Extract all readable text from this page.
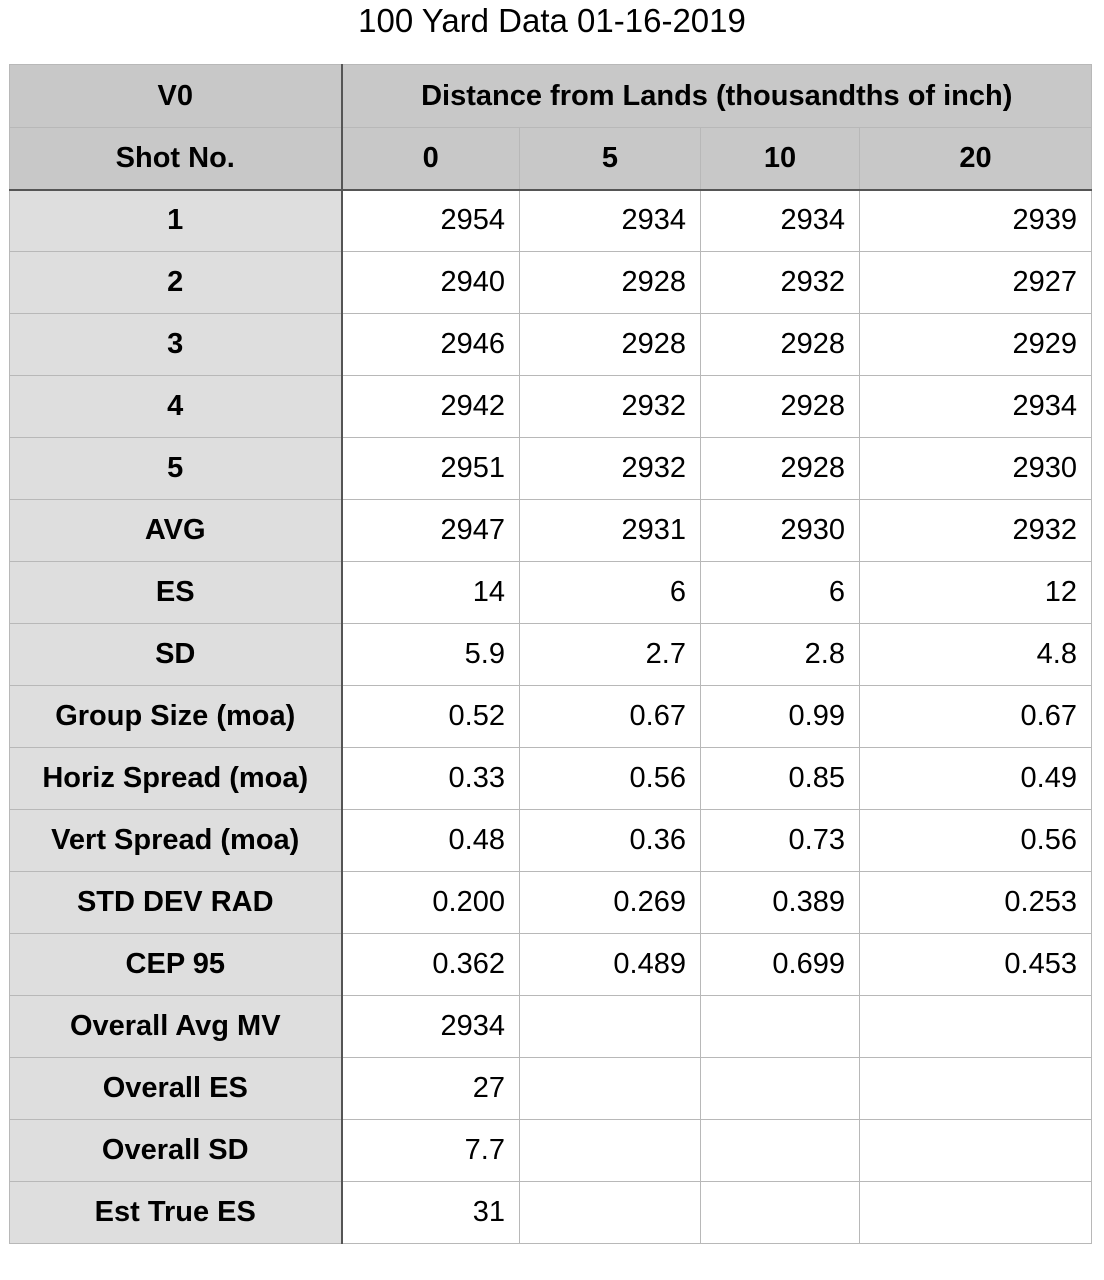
100 Yard Data 01-16-2019
V0	Distance from Lands (thousandths of inch)			
Shot No.	0	5	10	20
1	2954	2934	2934	2939
2	2940	2928	2932	2927
3	2946	2928	2928	2929
4	2942	2932	2928	2934
5	2951	2932	2928	2930
AVG	2947	2931	2930	2932
ES	14	6	6	12
SD	5.9	2.7	2.8	4.8
Group Size (moa)	0.52	0.67	0.99	0.67
Horiz Spread (moa)	0.33	0.56	0.85	0.49
Vert Spread (moa)	0.48	0.36	0.73	0.56
STD DEV RAD	0.200	0.269	0.389	0.253
CEP 95	0.362	0.489	0.699	0.453
Overall Avg MV	2934			
Overall ES	27			
Overall SD	7.7			
Est True ES	31			
